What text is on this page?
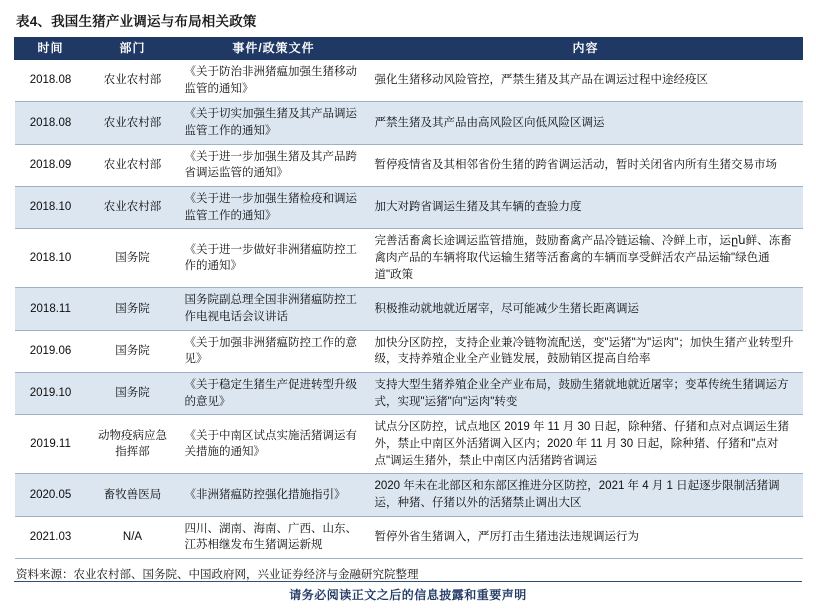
表4、我国生猪产业调运与布局相关政策
时间	部门	事件/政策文件	内容
2018.08	农业农村部	《关于防治非洲猪瘟加强生猪移动监管的通知》	强化生猪移动风险管控，严禁生猪及其产品在调运过程中途经疫区
2018.08	农业农村部	《关于切实加强生猪及其产品调运监管工作的通知》	严禁生猪及其产品由高风险区向低风险区调运
2018.09	农业农村部	《关于进一步加强生猪及其产品跨省调运监管的通知》	暂停疫情省及其相邻省份生猪的跨省调运活动，暂时关闭省内所有生猪交易市场
2018.10	农业农村部	《关于进一步加强生猪检疫和调运监管工作的通知》	加大对跨省调运生猪及其车辆的查验力度
2018.10	国务院	《关于进一步做好非洲猪瘟防控工作的通知》	完善活畜禽长途调运监管措施，鼓励畜禽产品冷链运输、冷鲜上市，运ըն鲜、冻畜禽肉产品的车辆将取代运输生猪等活畜禽的车辆而享受鲜活农产品运输"绿色通道"政策
2018.11	国务院	国务院副总理全国非洲猪瘟防控工作电视电话会议讲话	积极推动就地就近屠宰，尽可能减少生猪长距离调运
2019.06	国务院	《关于加强非洲猪瘟防控工作的意见》	加快分区防控，支持企业兼冷链物流配送，变"运猪"为"运肉"；加快生猪产业转型升级，支持养殖企业全产业链发展，鼓励销区提高自给率
2019.10	国务院	《关于稳定生猪生产促进转型升级的意见》	支持大型生猪养殖企业全产业布局，鼓励生猪就地就近屠宰；变革传统生猪调运方式，实现"运猪"向"运肉"转变
2019.11	动物疫病应急指挥部	《关于中南区试点实施活猪调运有关措施的通知》	试点分区防控，试点地区 2019 年 11 月 30 日起，除种猪、仔猪和点对点调运生猪外，禁止中南区外活猪调入区内；2020 年 11 月 30 日起，除种猪、仔猪和"点对点"调运生猪外，禁止中南区内活猪跨省调运
2020.05	畜牧兽医局	《非洲猪瘟防控强化措施指引》	2020 年未在北部区和东部区推进分区防控，2021 年 4 月 1 日起逐步限制活猪调运，种猪、仔猪以外的活猪禁止调出大区
2021.03	N/A	四川、湖南、海南、广西、山东、江苏相继发布生猪调运新规	暂停外省生猪调入，严厉打击生猪违法违规调运行为
资料来源：农业农村部、国务院、中国政府网，兴业证券经济与金融研究院整理
请务必阅读正文之后的信息披露和重要声明
